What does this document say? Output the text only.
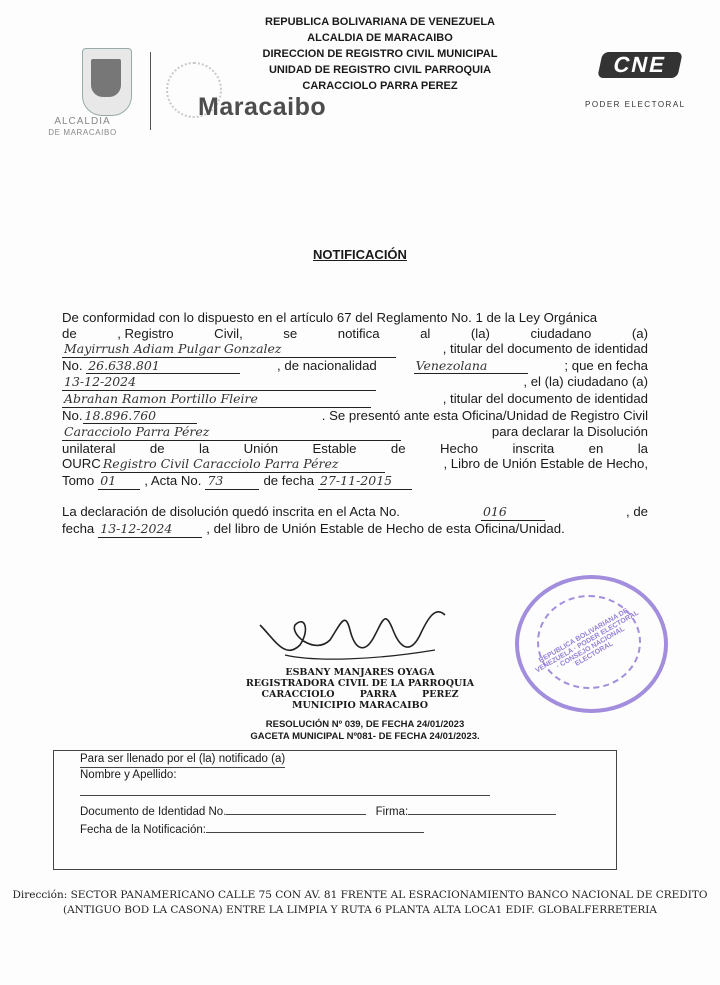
REPUBLICA BOLIVARIANA DE VENEZUELA
ALCALDIA DE MARACAIBO
DIRECCION DE REGISTRO CIVIL MUNICIPAL
UNIDAD DE REGISTRO CIVIL PARROQUIA
CARACCIOLO PARRA PEREZ
ALCALDIA
DE MARACAIBO
Maracaibo
CNE
PODER ELECTORAL
NOTIFICACIÓN
De conformidad con lo dispuesto en el artículo 67 del Reglamento No. 1 de la Ley Orgánica
de	, Registro	Civil,	se	notifica	al	(la)	ciudadano	(a)
Mayirrush Adiam Pulgar Gonzalez	, titular del documento de identidad
No. 26.638.801	, de nacionalidad	Venezolana	; que en fecha
13-12-2024	, el (la) ciudadano (a)
Abrahan Ramon Portillo Fleire	, titular del documento de identidad
No. 18.896.760	. Se presentó ante esta Oficina/Unidad de Registro Civil
Caracciolo Parra Pérez	para declarar la Disolución
unilateral de la Unión Estable de Hecho inscrita en la
OURC Registro Civil Caracciolo Parra Pérez	, Libro de Unión Estable de Hecho,
Tomo 01	, Acta No. 73	de fecha 27-11-2015
La declaración de disolución quedó inscrita en el Acta No.	016	, de
fecha 13-12-2024	, del libro de Unión Estable de Hecho de esta Oficina/Unidad.
ESBANY MANJARES OYAGA
REGISTRADORA CIVIL DE LA PARROQUIA
CARACCIOLO PARRA PEREZ
MUNICIPIO MARACAIBO
RESOLUCIÓN Nº 039, DE FECHA 24/01/2023
GACETA MUNICIPAL Nº081- DE FECHA 24/01/2023.
REPUBLICA BOLIVARIANA DE VENEZUELA · PODER ELECTORAL · CONSEJO NACIONAL ELECTORAL
Para ser llenado por el (la) notificado (a)
Nombre y Apellido:
Documento de Identidad No.	Firma:
Fecha de la Notificación:
Dirección: SECTOR PANAMERICANO CALLE 75 CON AV. 81 FRENTE AL ESRACIONAMIENTO BANCO NACIONAL DE CREDITO
(ANTIGUO BOD LA CASONA) ENTRE LA LIMPIA Y RUTA 6 PLANTA ALTA LOCA1 EDIF. GLOBALFERRETERIA
